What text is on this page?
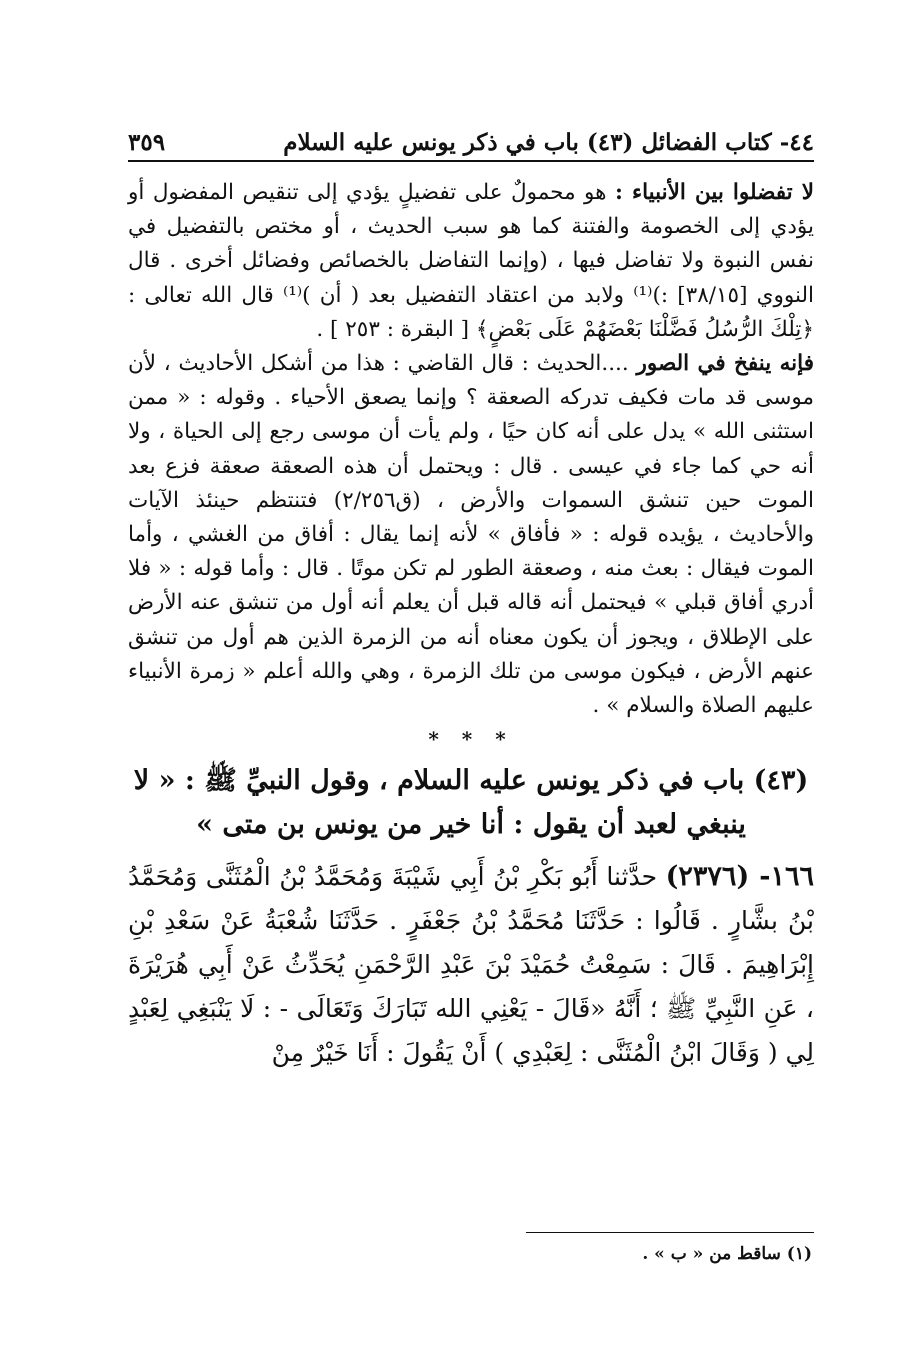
٤٤- كتاب الفضائل (٤٣) باب في ذكر يونس عليه السلام
٣٥٩

لا تفضلوا بين الأنبياء : هو محمولٌ على تفضيلٍ يؤدي إلى تنقيص المفضول أو يؤدي إلى الخصومة والفتنة كما هو سبب الحديث ، أو مختص بالتفضيل في نفس النبوة ولا تفاضل فيها ، (وإنما التفاضل بالخصائص وفضائل أخرى . قال النووي [٣٨/١٥] :)⁽¹⁾ ولابد من اعتقاد التفضيل بعد ( أن )⁽¹⁾ قال الله تعالى : ﴿تِلْكَ الرُّسُلُ فَضَّلْنَا بَعْضَهُمْ عَلَى بَعْضٍ﴾ [ البقرة : ٢٥٣ ] .

فإنه ينفخ في الصور ....الحديث : قال القاضي : هذا من أشكل الأحاديث ، لأن موسى قد مات فكيف تدركه الصعقة ؟ وإنما يصعق الأحياء . وقوله : « ممن استثنى الله » يدل على أنه كان حيًا ، ولم يأت أن موسى رجع إلى الحياة ، ولا أنه حي كما جاء في عيسى . قال : ويحتمل أن هذه الصعقة صعقة فزع بعد الموت حين تنشق السموات والأرض ، (ق٢/٢٥٦) فتنتظم حينئذ الآيات والأحاديث ، يؤيده قوله : « فأفاق » لأنه إنما يقال : أفاق من الغشي ، وأما الموت فيقال : بعث منه ، وصعقة الطور لم تكن موتًا . قال : وأما قوله : « فلا أدري أفاق قبلي » فيحتمل أنه قاله قبل أن يعلم أنه أول من تنشق عنه الأرض على الإطلاق ، ويجوز أن يكون معناه أنه من الزمرة الذين هم أول من تنشق عنهم الأرض ، فيكون موسى من تلك الزمرة ، وهي والله أعلم « زمرة الأنبياء عليهم الصلاة والسلام » .

* * *
(٤٣) باب في ذكر يونس عليه السلام ، وقول النبيِّ ﷺ : « لا ينبغي لعبد أن يقول : أنا خير من يونس بن متى »
١٦٦- (٢٣٧٦) حدَّثنا أَبُو بَكْرِ بْنُ أَبِي شَيْبَةَ وَمُحَمَّدُ بْنُ الْمُثَنَّى وَمُحَمَّدُ بْنُ بشَّارٍ . قَالُوا : حَدَّثَنَا مُحَمَّدُ بْنُ جَعْفَرٍ . حَدَّثَنَا شُعْبَةُ عَنْ سَعْدِ بْنِ إِبْرَاهِيمَ . قَالَ : سَمِعْتُ حُمَيْدَ بْنَ عَبْدِ الرَّحْمَنِ يُحَدِّثُ عَنْ أَبِي هُرَيْرَةَ ، عَنِ النَّبِيِّ ﷺ ؛ أَنَّهُ «قَالَ - يَعْنِي الله تَبَارَكَ وَتَعَالَى - : لَا يَنْبَغِي لِعَبْدٍ لِي ( وَقَالَ ابْنُ الْمُثَنَّى : لِعَبْدِي ) أَنْ يَقُولَ : أَنَا خَيْرٌ مِنْ
(١) ساقط من « ب » .
